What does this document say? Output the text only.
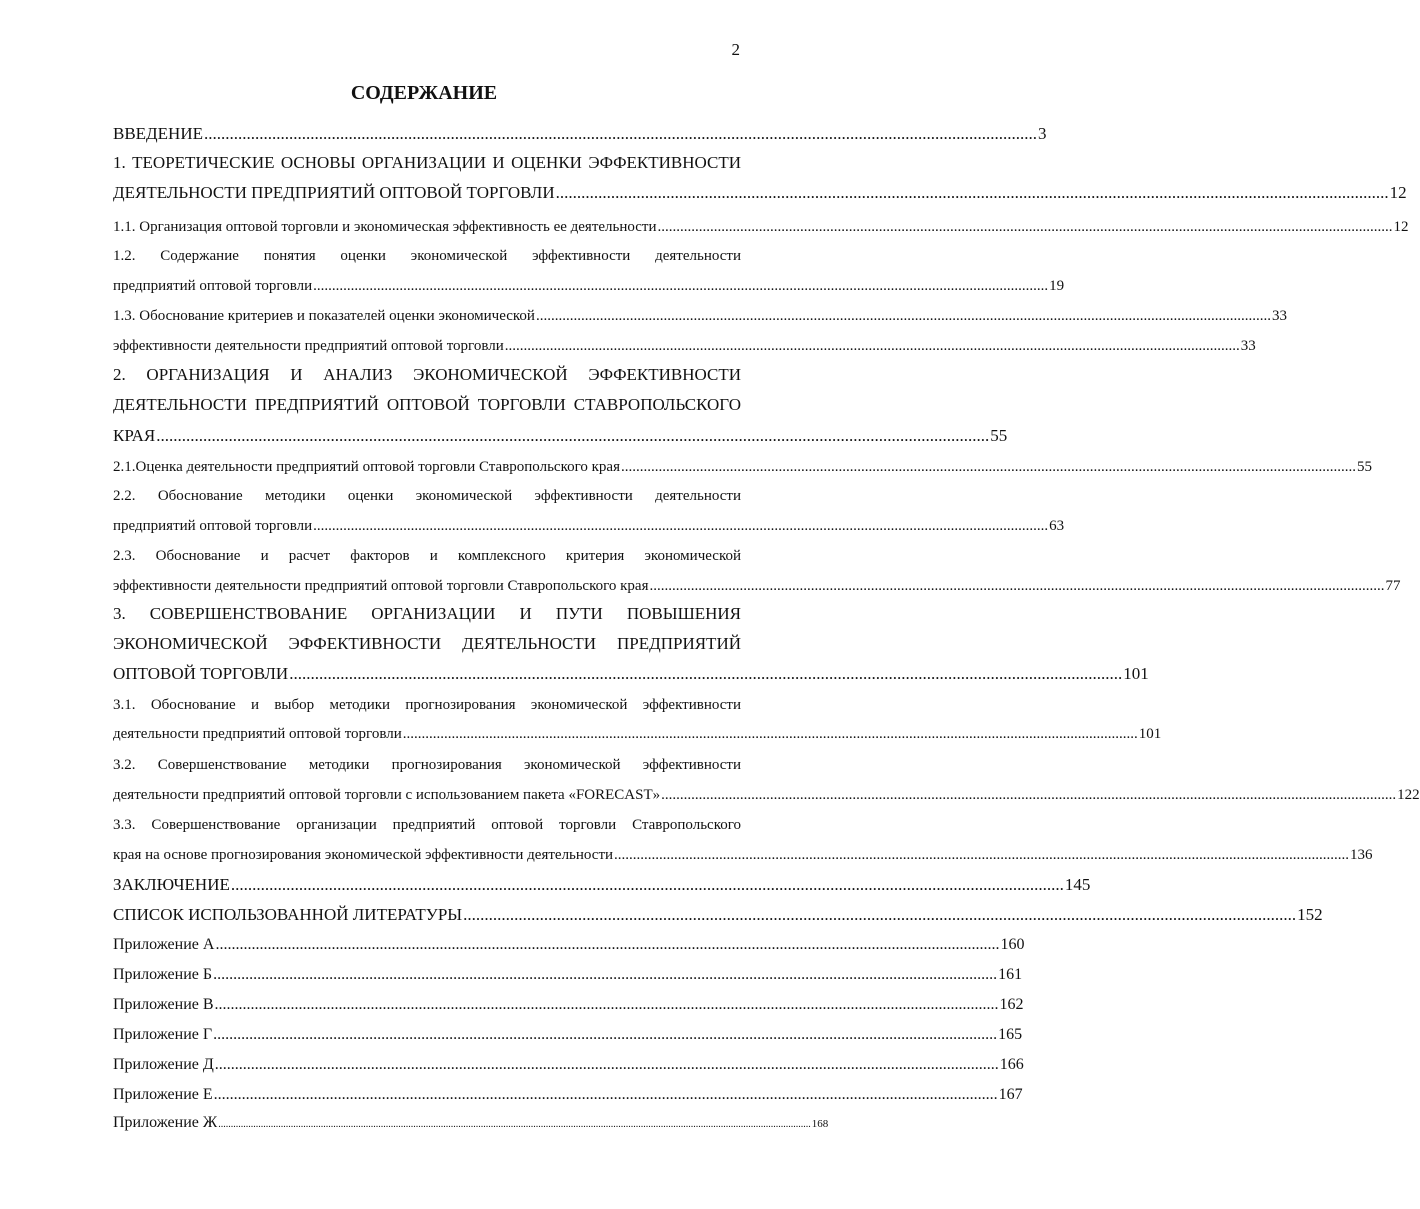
2
СОДЕРЖАНИЕ
ВВЕДЕНИЕ .................................................................................................................................................................................................... 3
1. ТЕОРЕТИЧЕСКИЕ ОСНОВЫ ОРГАНИЗАЦИИ И ОЦЕНКИ ЭФФЕКТИВНОСТИ
ДЕЯТЕЛЬНОСТИ ПРЕДПРИЯТИЙ ОПТОВОЙ ТОРГОВЛИ .................................................................................................................................................................................................... 12
1.1. Организация оптовой торговли и экономическая эффективность ее деятельности .................................................................................................................................................................................................... 12
1.2. Содержание понятия оценки экономической эффективности деятельности
предприятий оптовой торговли .................................................................................................................................................................................................... 19
1.3. Обоснование критериев и показателей оценки экономической .................................................................................................................................................................................................... 33
эффективности деятельности предприятий оптовой торговли .................................................................................................................................................................................................... 33
2. ОРГАНИЗАЦИЯ И АНАЛИЗ ЭКОНОМИЧЕСКОЙ ЭФФЕКТИВНОСТИ
ДЕЯТЕЛЬНОСТИ ПРЕДПРИЯТИЙ ОПТОВОЙ ТОРГОВЛИ СТАВРОПОЛЬСКОГО
КРАЯ .................................................................................................................................................................................................... 55
2.1.Оценка деятельности предприятий оптовой торговли Ставропольского края .................................................................................................................................................................................................... 55
2.2. Обоснование методики оценки экономической эффективности деятельности
предприятий оптовой торговли .................................................................................................................................................................................................... 63
2.3. Обоснование и расчет факторов и комплексного критерия экономической
эффективности деятельности предприятий оптовой торговли Ставропольского края .................................................................................................................................................................................................... 77
3. СОВЕРШЕНСТВОВАНИЕ ОРГАНИЗАЦИИ И ПУТИ ПОВЫШЕНИЯ
ЭКОНОМИЧЕСКОЙ ЭФФЕКТИВНОСТИ ДЕЯТЕЛЬНОСТИ ПРЕДПРИЯТИЙ
ОПТОВОЙ ТОРГОВЛИ .................................................................................................................................................................................................... 101
3.1. Обоснование и выбор методики прогнозирования экономической эффективности
деятельности предприятий оптовой торговли .................................................................................................................................................................................................... 101
3.2. Совершенствование методики прогнозирования экономической эффективности
деятельности предприятий оптовой торговли с использованием пакета «FORECAST» .................................................................................................................................................................................................... 122
3.3. Совершенствование организации предприятий оптовой торговли Ставропольского
края на основе прогнозирования экономической эффективности деятельности .................................................................................................................................................................................................... 136
ЗАКЛЮЧЕНИЕ .................................................................................................................................................................................................... 145
СПИСОК ИСПОЛЬЗОВАННОЙ ЛИТЕРАТУРЫ .................................................................................................................................................................................................... 152
Приложение А .................................................................................................................................................................................................... 160
Приложение Б .................................................................................................................................................................................................... 161
Приложение В .................................................................................................................................................................................................... 162
Приложение Г .................................................................................................................................................................................................... 165
Приложение Д .................................................................................................................................................................................................... 166
Приложение Е .................................................................................................................................................................................................... 167
Приложение Ж ............................................................................................................................................................................................................................................. 168
